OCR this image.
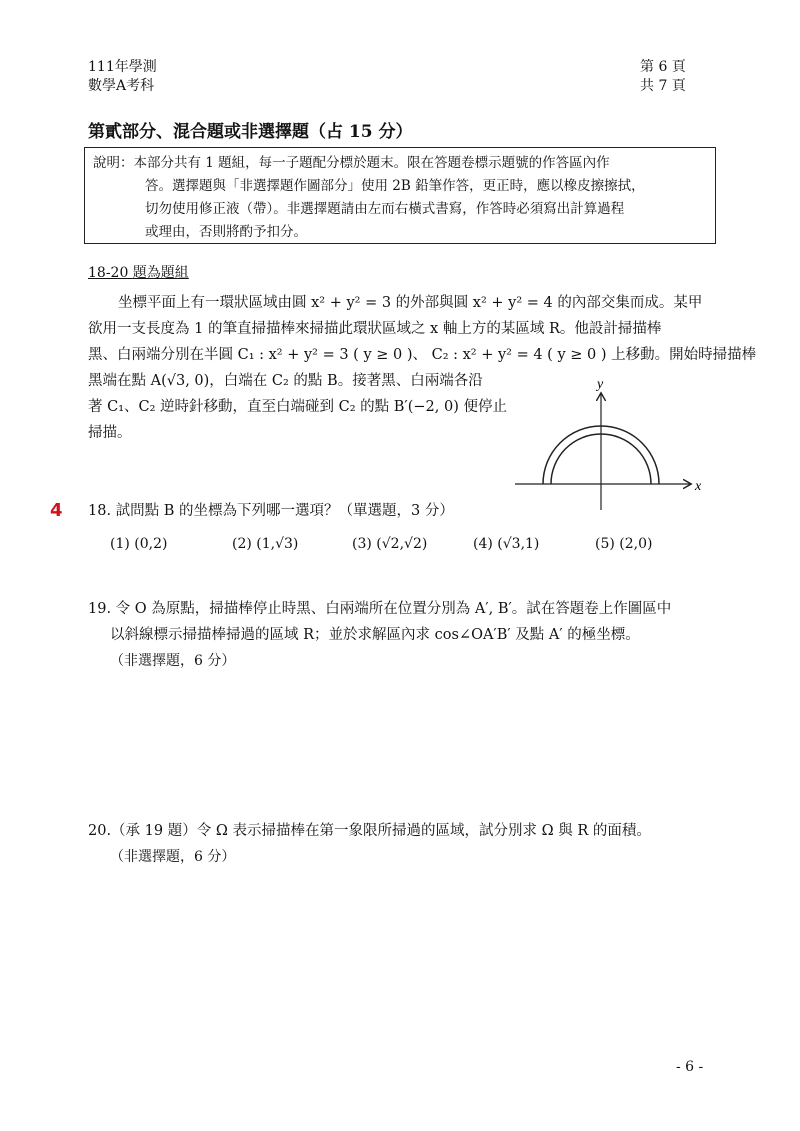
111年學測
數學A考科
第 6 頁
共 7 頁
第貳部分、混合題或非選擇題（占 15 分）
說明：本部分共有 1 題組，每一子題配分標於題末。限在答題卷標示題號的作答區內作
答。選擇題與「非選擇題作圖部分」使用 2B 鉛筆作答，更正時，應以橡皮擦擦拭，
切勿使用修正液（帶）。非選擇題請由左而右橫式書寫，作答時必須寫出計算過程
或理由，否則將酌予扣分。
18-20 題為題組
坐標平面上有一環狀區域由圓 x² + y² = 3 的外部與圓 x² + y² = 4 的內部交集而成。某甲
欲用一支長度為 1 的筆直掃描棒來掃描此環狀區域之 x 軸上方的某區域 R。他設計掃描棒
黑、白兩端分別在半圓 C₁ : x² + y² = 3 ( y ≥ 0 )、 C₂ : x² + y² = 4 ( y ≥ 0 ) 上移動。開始時掃描棒
黑端在點 A(√3, 0)，白端在 C₂ 的點 B。接著黑、白兩端各沿
著 C₁、C₂ 逆時針移動，直至白端碰到 C₂ 的點 B′(−2, 0) 便停止
掃描。
y
x
4 18. 試問點 B 的坐標為下列哪一選項？（單選題，3 分）
(1) (0,2)	(2) (1,√3)	(3) (√2,√2)	(4) (√3,1)	(5) (2,0)
19. 令 O 為原點，掃描棒停止時黑、白兩端所在位置分別為 A′, B′。試在答題卷上作圖區中
以斜線標示掃描棒掃過的區域 R；並於求解區內求 cos∠OA′B′ 及點 A′ 的極坐標。
（非選擇題，6 分）
20.（承 19 題）令 Ω 表示掃描棒在第一象限所掃過的區域，試分別求 Ω 與 R 的面積。
（非選擇題，6 分）
- 6 -
